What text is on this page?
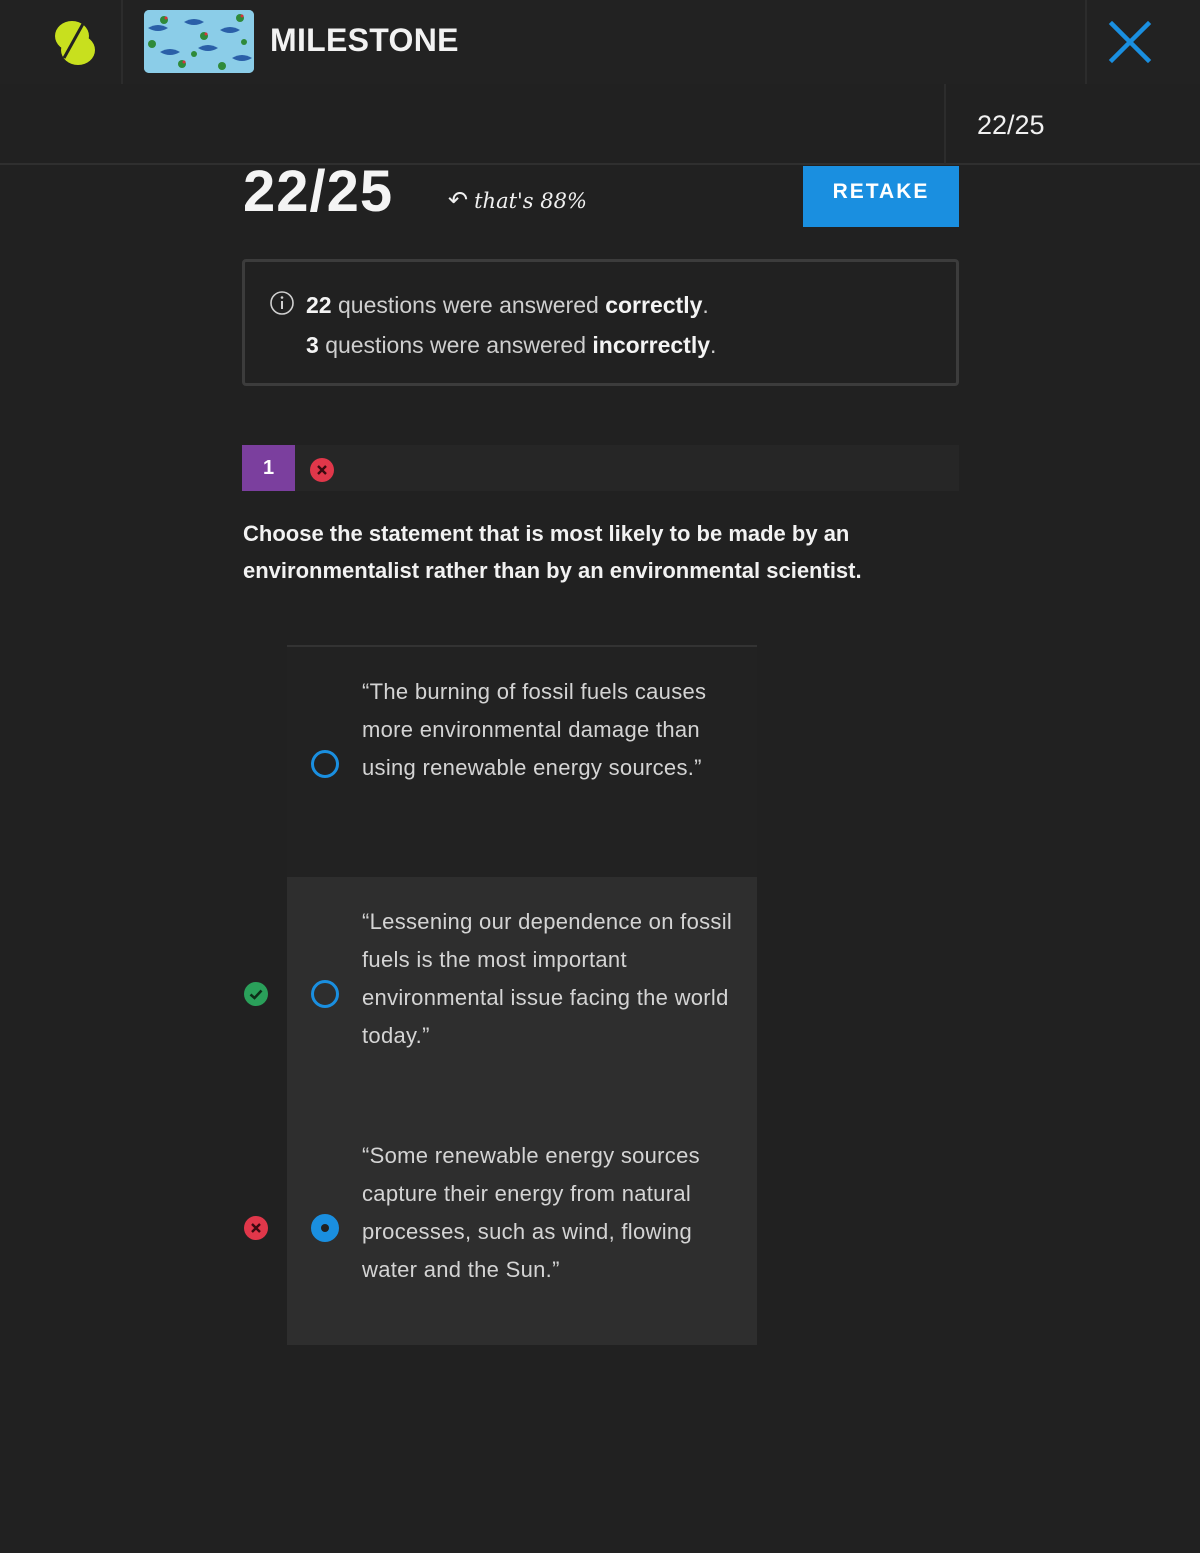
MILESTONE
22/25
22/25 ↶ that's 88%	RETAKE
22 questions were answered correctly.
3 questions were answered incorrectly.
1
Choose the statement that is most likely to be made by an environmentalist rather than by an environmental scientist.
“The burning of fossil fuels causes more environmental damage than using renewable energy sources.”
“Lessening our dependence on fossil fuels is the most important environmental issue facing the world today.”
“Some renewable energy sources capture their energy from natural processes, such as wind, flowing water and the Sun.”
